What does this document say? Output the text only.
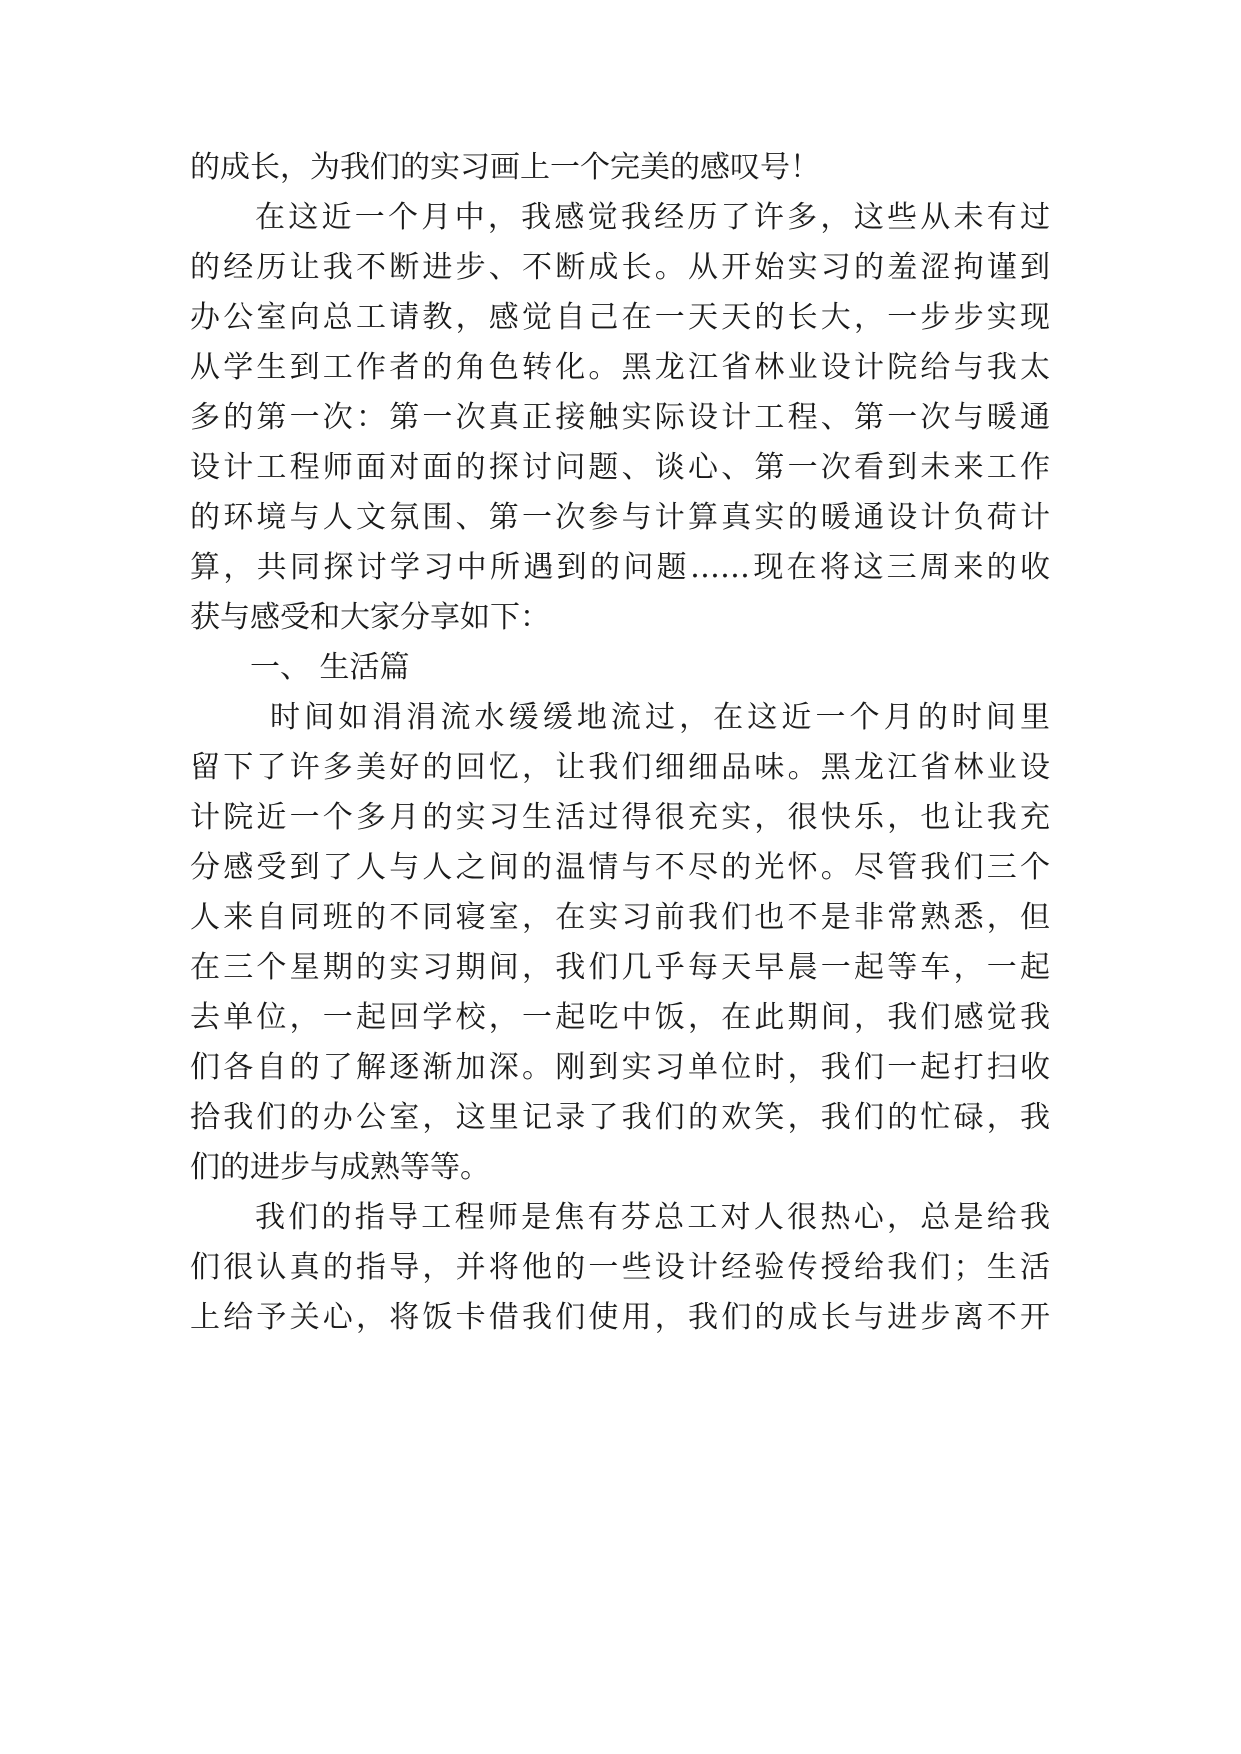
的成长，为我们的实习画上一个完美的感叹号！
在这近一个月中，我感觉我经历了许多，这些从未有过
的经历让我不断进步、不断成长。从开始实习的羞涩拘谨到
办公室向总工请教，感觉自己在一天天的长大，一步步实现
从学生到工作者的角色转化。黑龙江省林业设计院给与我太
多的第一次：第一次真正接触实际设计工程、第一次与暖通
设计工程师面对面的探讨问题、谈心、第一次看到未来工作
的环境与人文氛围、第一次参与计算真实的暖通设计负荷计
算，共同探讨学习中所遇到的问题……现在将这三周来的收
获与感受和大家分享如下：
一、 生活篇
时间如涓涓流水缓缓地流过，在这近一个月的时间里
留下了许多美好的回忆，让我们细细品味。黑龙江省林业设
计院近一个多月的实习生活过得很充实，很快乐，也让我充
分感受到了人与人之间的温情与不尽的光怀。尽管我们三个
人来自同班的不同寝室，在实习前我们也不是非常熟悉，但
在三个星期的实习期间，我们几乎每天早晨一起等车，一起
去单位，一起回学校，一起吃中饭，在此期间，我们感觉我
们各自的了解逐渐加深。刚到实习单位时，我们一起打扫收
拾我们的办公室，这里记录了我们的欢笑，我们的忙碌，我
们的进步与成熟等等。
我们的指导工程师是焦有芬总工对人很热心，总是给我
们很认真的指导，并将他的一些设计经验传授给我们；生活
上给予关心，将饭卡借我们使用，我们的成长与进步离不开
